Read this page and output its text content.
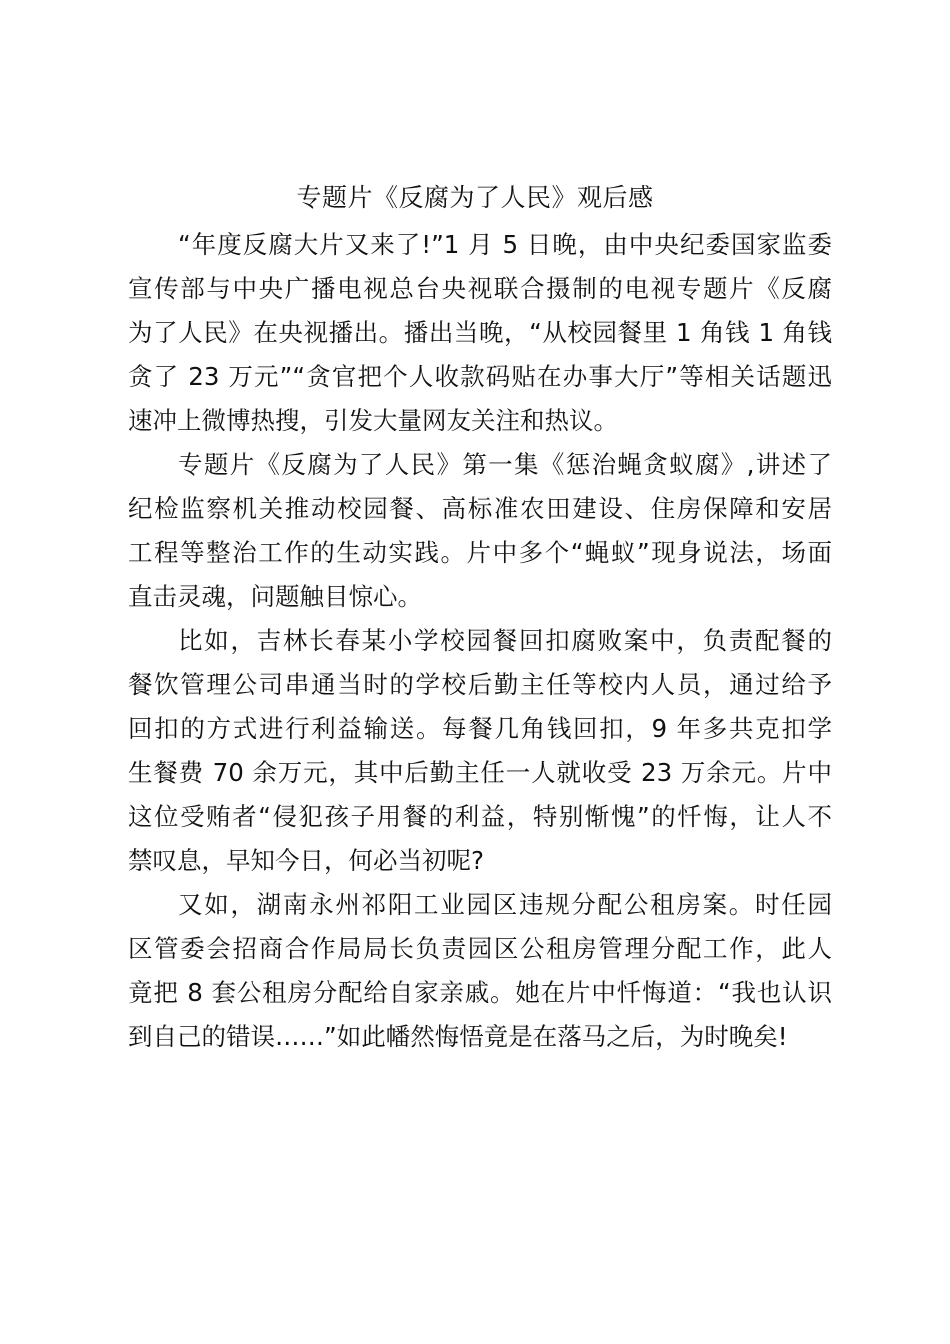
专题片《反腐为了人民》观后感

“年度反腐大片又来了!”1 月 5 日晚，由中央纪委国家监委
宣传部与中央广播电视总台央视联合摄制的电视专题片《反腐
为了人民》在央视播出。播出当晚，“从校园餐里 1 角钱 1 角钱
贪了 23 万元”“贪官把个人收款码贴在办事大厅”等相关话题迅
速冲上微博热搜，引发大量网友关注和热议。

专题片《反腐为了人民》第一集《惩治蝇贪蚁腐》,讲述了
纪检监察机关推动校园餐、高标准农田建设、住房保障和安居
工程等整治工作的生动实践。片中多个“蝇蚁”现身说法，场面
直击灵魂，问题触目惊心。

比如，吉林长春某小学校园餐回扣腐败案中，负责配餐的
餐饮管理公司串通当时的学校后勤主任等校内人员，通过给予
回扣的方式进行利益输送。每餐几角钱回扣，9 年多共克扣学
生餐费 70 余万元，其中后勤主任一人就收受 23 万余元。片中
这位受贿者“侵犯孩子用餐的利益，特别惭愧”的忏悔，让人不
禁叹息，早知今日，何必当初呢?

又如，湖南永州祁阳工业园区违规分配公租房案。时任园
区管委会招商合作局局长负责园区公租房管理分配工作，此人
竟把 8 套公租房分配给自家亲戚。她在片中忏悔道：“我也认识
到自己的错误……”如此幡然悔悟竟是在落马之后，为时晚矣!
